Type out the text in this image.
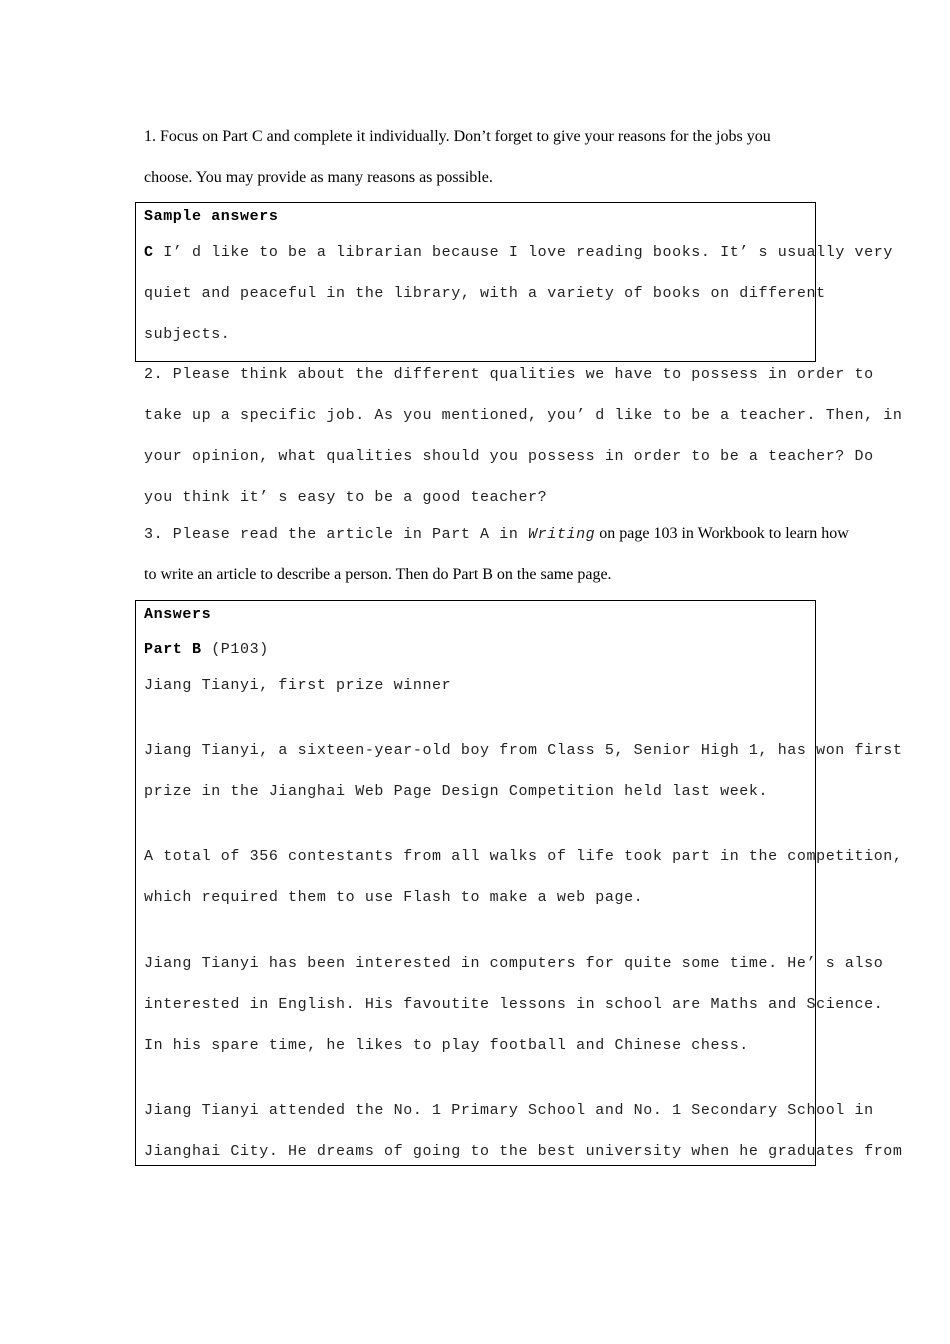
1. Focus on Part C and complete it individually. Don’t forget to give your reasons for the jobs you
choose. You may provide as many reasons as possible.
Sample answers
C I’ d like to be a librarian because I love reading books. It’ s usually very
quiet and peaceful in the library, with a variety of books on different
subjects.
2. Please think about the different qualities we have to possess in order to
take up a specific job. As you mentioned, you’ d like to be a teacher. Then, in
your opinion, what qualities should you possess in order to be a teacher? Do
you think it’ s easy to be a good teacher?
3. Please read the article in Part A in Writing on page 103 in Workbook to learn how
to write an article to describe a person. Then do Part B on the same page.
Answers
Part B (P103)
Jiang Tianyi, first prize winner
Jiang Tianyi, a sixteen-year-old boy from Class 5, Senior High 1, has won first
prize in the Jianghai Web Page Design Competition held last week.
A total of 356 contestants from all walks of life took part in the competition,
which required them to use Flash to make a web page.
Jiang Tianyi has been interested in computers for quite some time. He’ s also
interested in English. His favoutite lessons in school are Maths and Science.
In his spare time, he likes to play football and Chinese chess.
Jiang Tianyi attended the No. 1 Primary School and No. 1 Secondary School in
Jianghai City. He dreams of going to the best university when he graduates from
